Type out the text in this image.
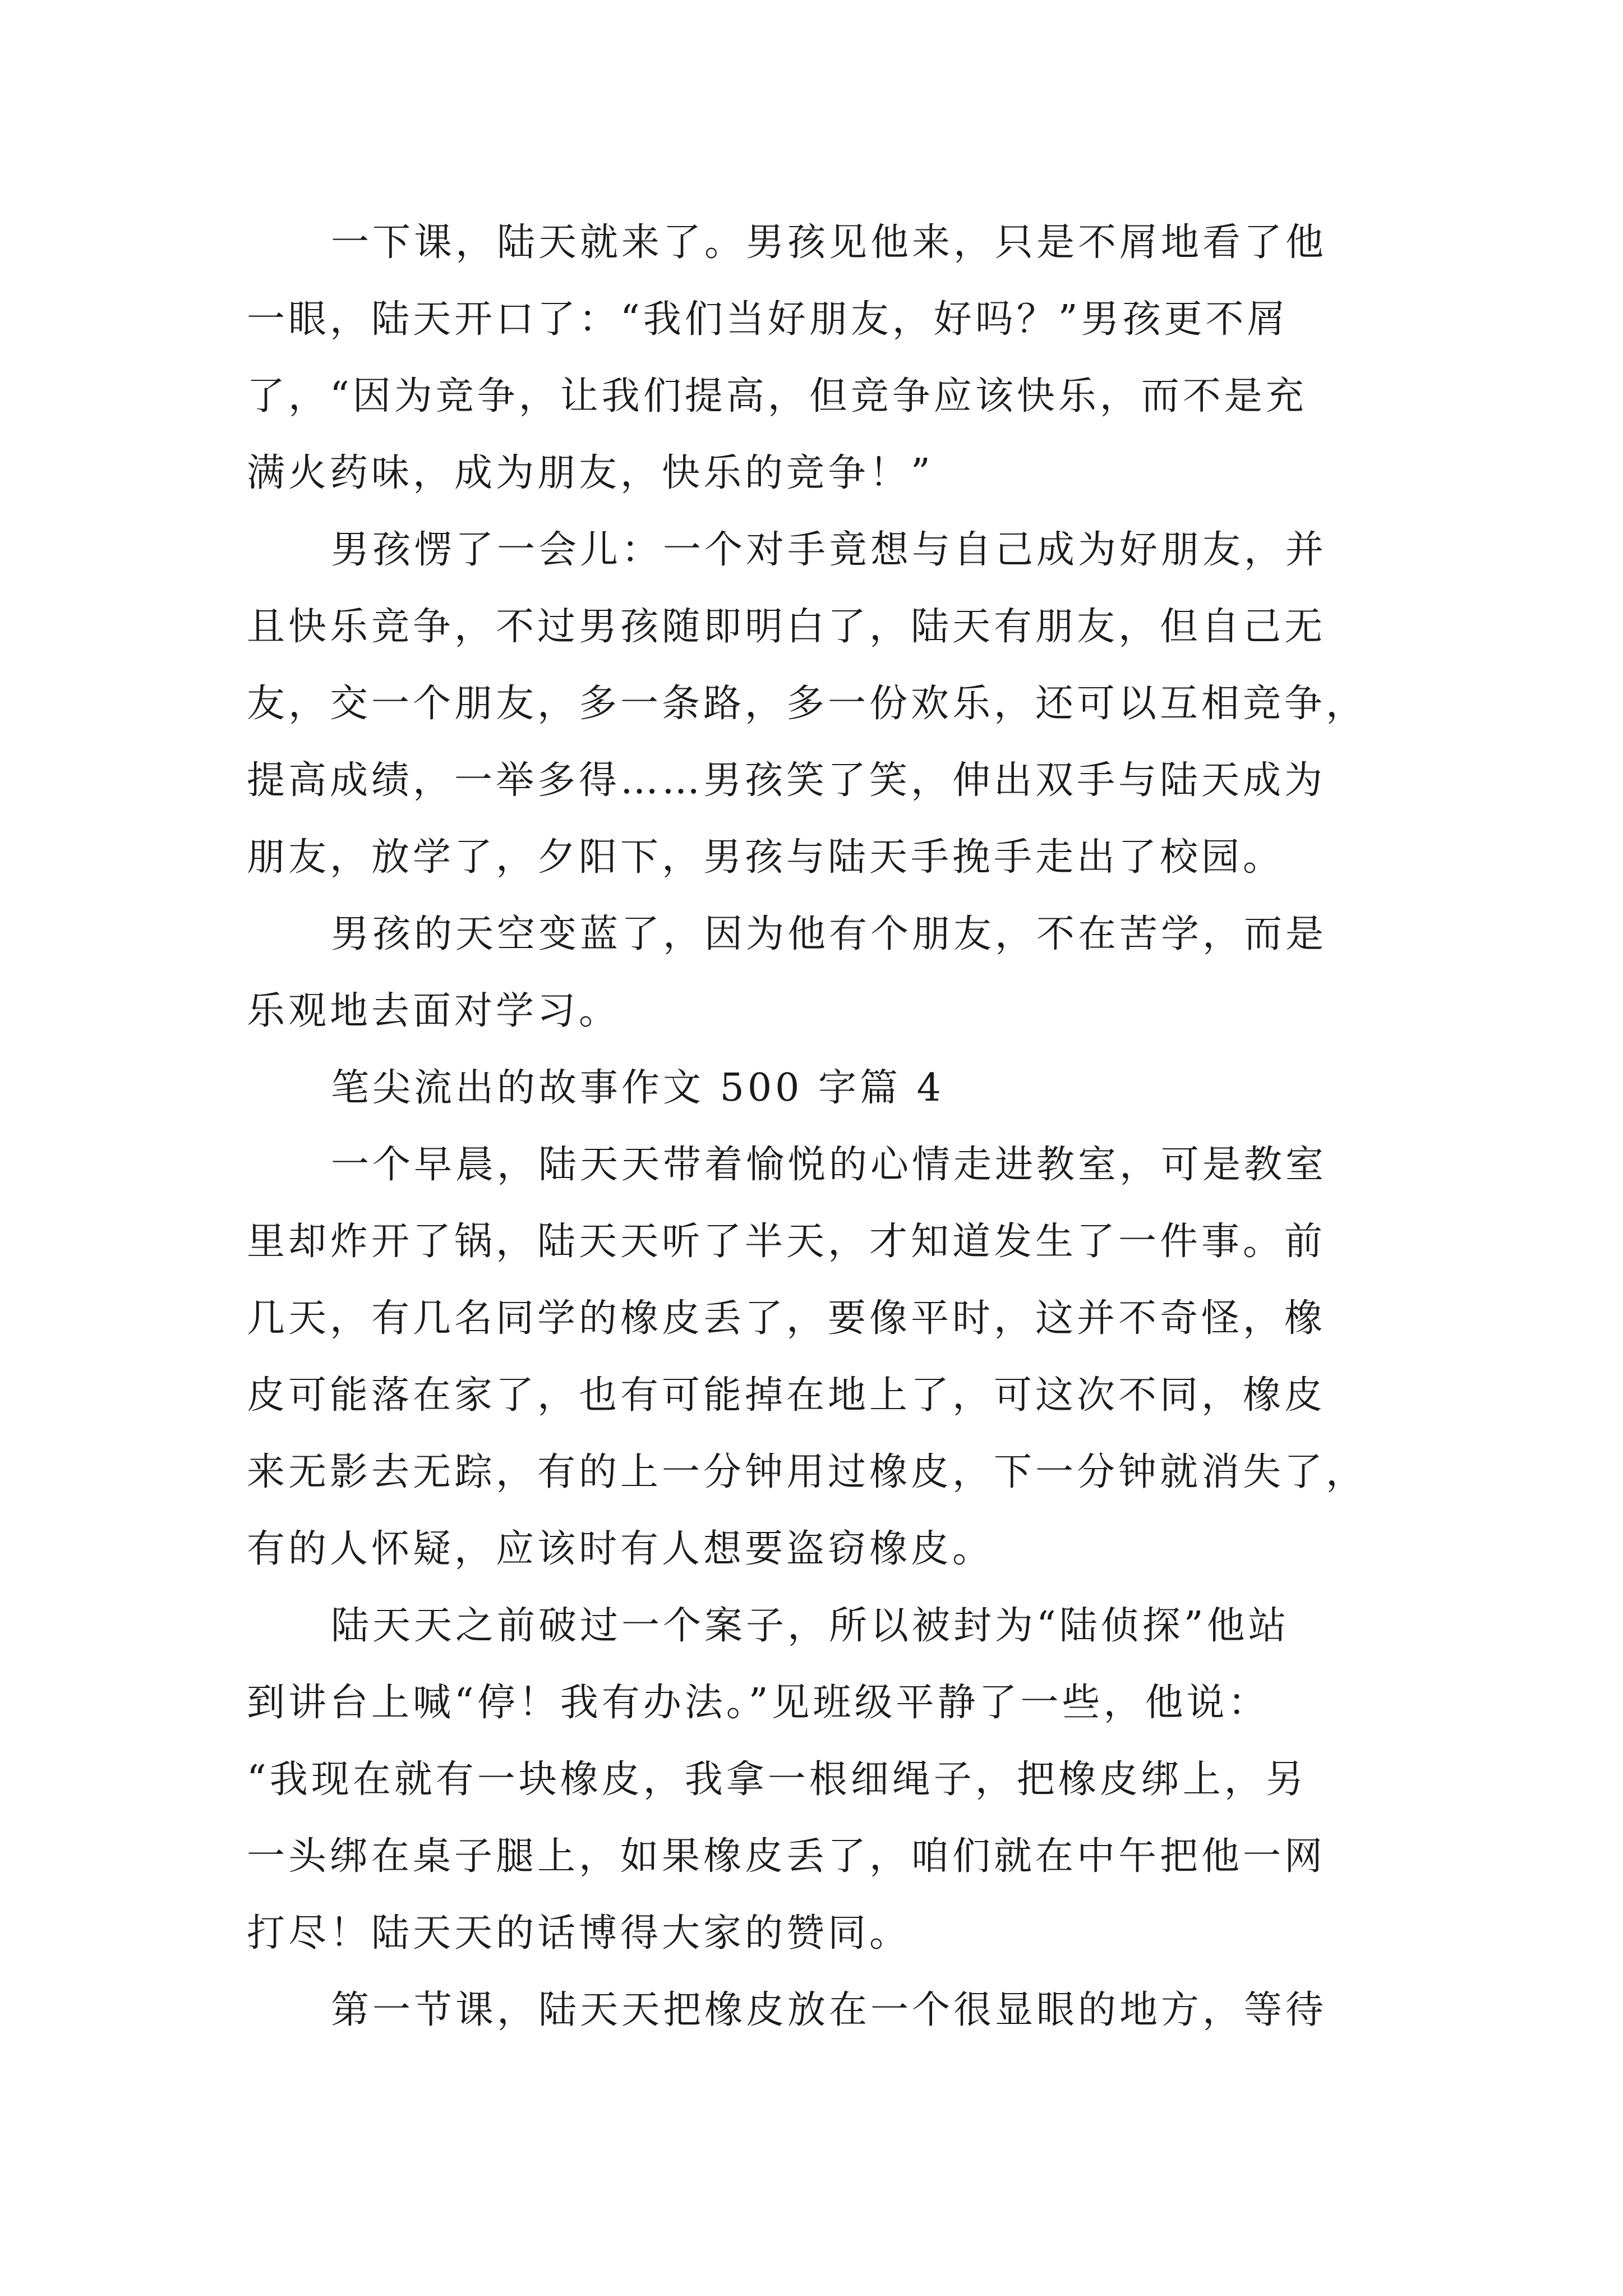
一下课，陆天就来了。男孩见他来，只是不屑地看了他
一眼，陆天开口了：“我们当好朋友，好吗？”男孩更不屑
了，“因为竞争，让我们提高，但竞争应该快乐，而不是充
满火药味，成为朋友，快乐的竞争！”
男孩愣了一会儿：一个对手竟想与自己成为好朋友，并
且快乐竞争，不过男孩随即明白了，陆天有朋友，但自己无
友，交一个朋友，多一条路，多一份欢乐，还可以互相竞争，
提高成绩，一举多得……男孩笑了笑，伸出双手与陆天成为
朋友，放学了，夕阳下，男孩与陆天手挽手走出了校园。
男孩的天空变蓝了，因为他有个朋友，不在苦学，而是
乐观地去面对学习。
笔尖流出的故事作文 500 字篇 4
一个早晨，陆天天带着愉悦的心情走进教室，可是教室
里却炸开了锅，陆天天听了半天，才知道发生了一件事。前
几天，有几名同学的橡皮丢了，要像平时，这并不奇怪，橡
皮可能落在家了，也有可能掉在地上了，可这次不同，橡皮
来无影去无踪，有的上一分钟用过橡皮，下一分钟就消失了，
有的人怀疑，应该时有人想要盗窃橡皮。
陆天天之前破过一个案子，所以被封为“陆侦探”他站
到讲台上喊“停！我有办法。”见班级平静了一些，他说：
“我现在就有一块橡皮，我拿一根细绳子，把橡皮绑上，另
一头绑在桌子腿上，如果橡皮丢了，咱们就在中午把他一网
打尽！陆天天的话博得大家的赞同。
第一节课，陆天天把橡皮放在一个很显眼的地方，等待
